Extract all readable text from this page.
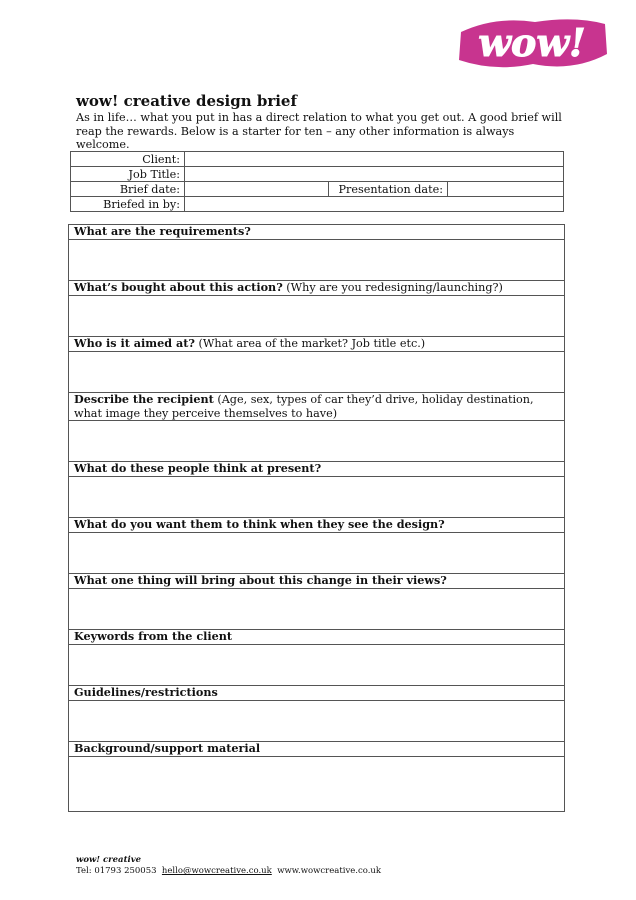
wow!
wow! creative design brief

As in life… what you put in has a direct relation to what you get out. A good brief will reap the rewards. Below is a starter for ten – any other information is always welcome.

Client:			
Job Title:			
Brief date:		Presentation date:	
Briefed in by:			
What are the requirements?
What’s bought about this action? (Why are you redesigning/launching?)
Who is it aimed at? (What area of the market? Job title etc.)
Describe the recipient (Age, sex, types of car they’d drive, holiday destination, what image they perceive themselves to have)
What do these people think at present?
What do you want them to think when they see the design?
What one thing will bring about this change in their views?
Keywords from the client
Guidelines/restrictions
Background/support material
wow! creative
Tel: 01793 250053 hello@wowcreative.co.uk www.wowcreative.co.uk
